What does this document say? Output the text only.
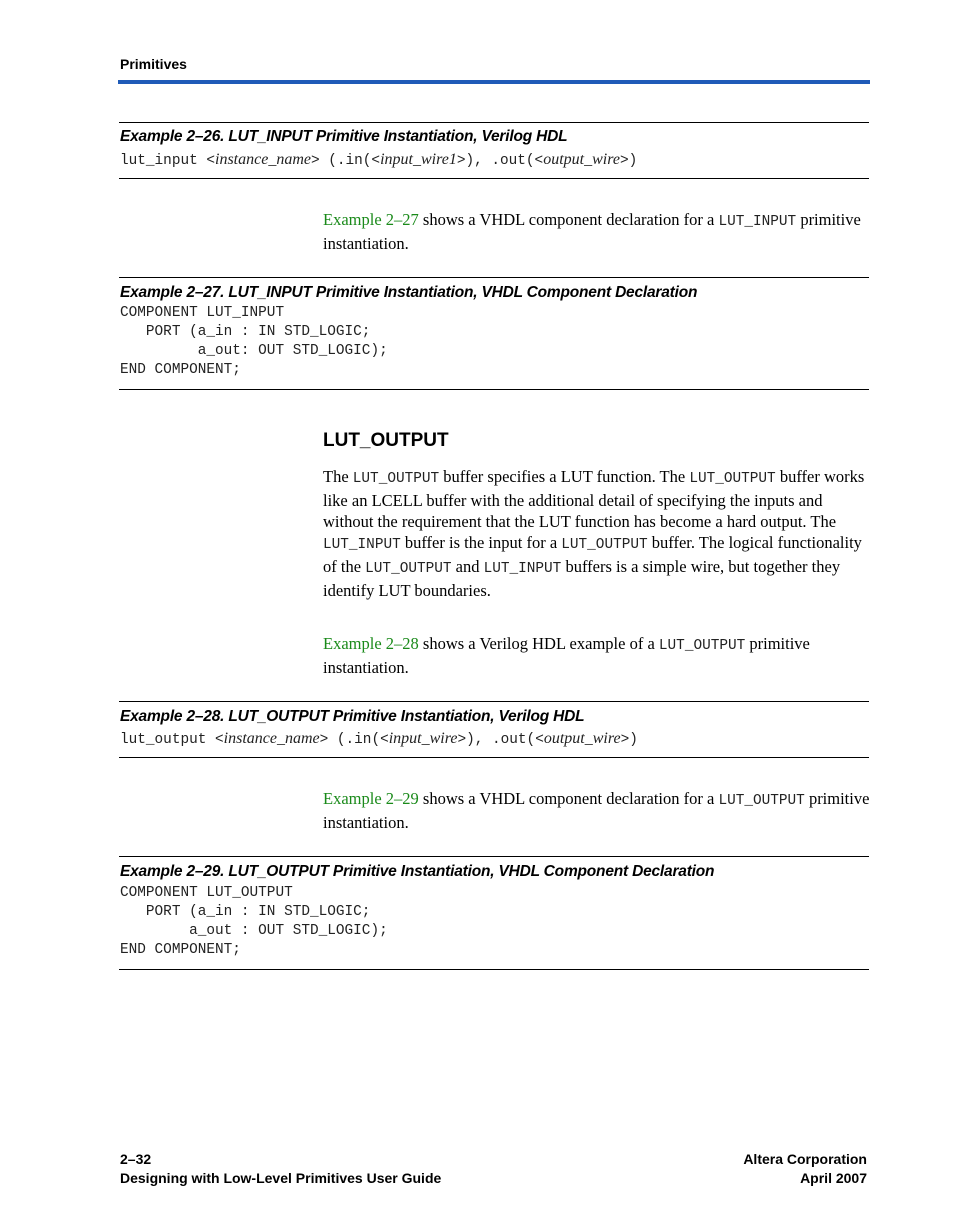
Primitives
Example 2–26. LUT_INPUT Primitive Instantiation, Verilog HDL
lut_input <instance_name> (.in(<input_wire1>), .out(<output_wire>)
Example 2–27 shows a VHDL component declaration for a LUT_INPUT primitive instantiation.
Example 2–27. LUT_INPUT Primitive Instantiation, VHDL Component Declaration
COMPONENT LUT_INPUT
PORT (a_in : IN STD_LOGIC;
a_out: OUT STD_LOGIC);
END COMPONENT;
LUT_OUTPUT
The LUT_OUTPUT buffer specifies a LUT function. The LUT_OUTPUT buffer works like an LCELL buffer with the additional detail of specifying the inputs and without the requirement that the LUT function has become a hard output. The LUT_INPUT buffer is the input for a LUT_OUTPUT buffer. The logical functionality of the LUT_OUTPUT and LUT_INPUT buffers is a simple wire, but together they identify LUT boundaries.
Example 2–28 shows a Verilog HDL example of a LUT_OUTPUT primitive instantiation.
Example 2–28. LUT_OUTPUT Primitive Instantiation, Verilog HDL
lut_output <instance_name> (.in(<input_wire>), .out(<output_wire>)
Example 2–29 shows a VHDL component declaration for a LUT_OUTPUT primitive instantiation.
Example 2–29. LUT_OUTPUT Primitive Instantiation, VHDL Component Declaration
COMPONENT LUT_OUTPUT
PORT (a_in : IN STD_LOGIC;
a_out : OUT STD_LOGIC);
END COMPONENT;
2–32
Designing with Low-Level Primitives User Guide
Altera Corporation
April 2007
